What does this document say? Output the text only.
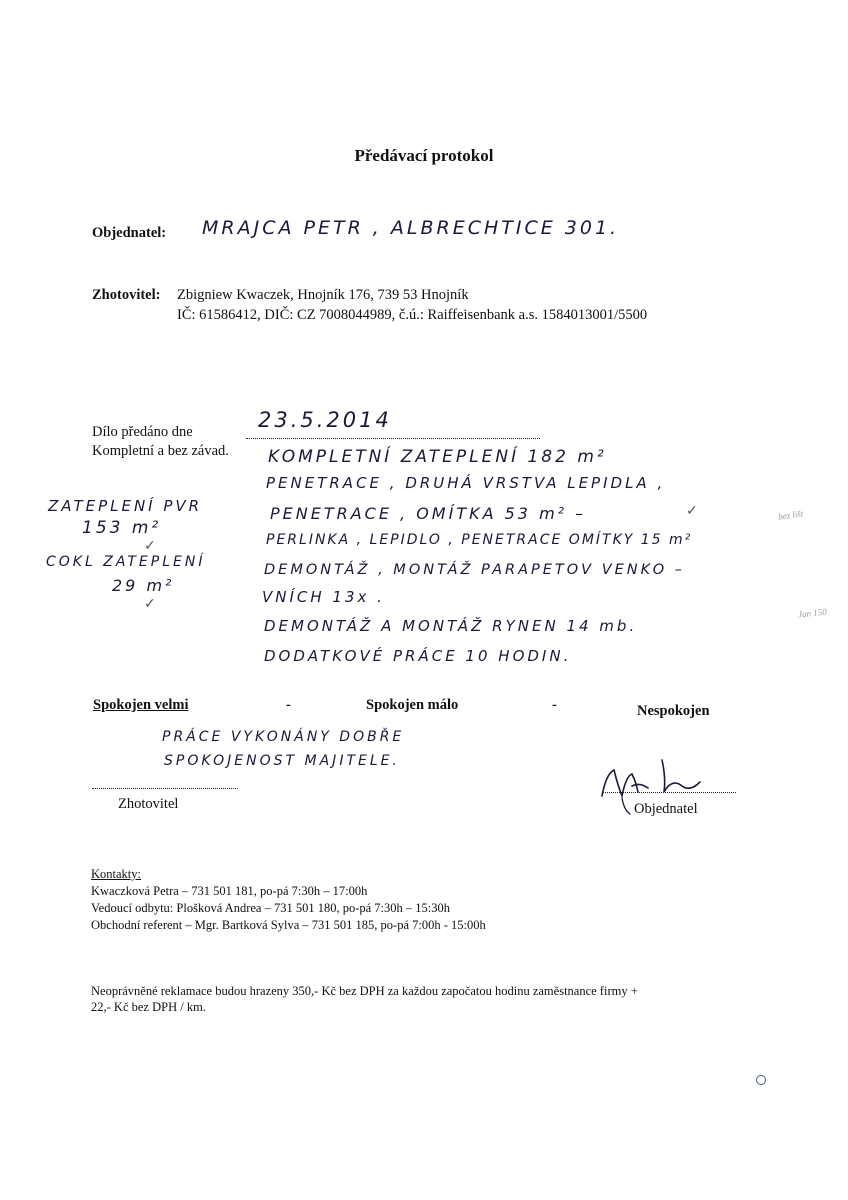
Předávací protokol
Objednatel: MRAJCA PETR , ALBRECHTICE 301.
Zhotovitel: Zbigniew Kwaczek, Hnojník 176, 739 53 Hnojník
IČ: 61586412, DIČ: CZ 7008044989, č.ú.: Raiffeisenbank a.s. 1584013001/5500
Dílo předáno dne	23.5.2014
Kompletní a bez závad. KOMPLETNÍ ZATEPLENÍ 182 m²
PENETRACE , DRUHÁ VRSTVA LEPIDLA ,
PENETRACE , OMÍTKA 53 m² –	✓
PERLINKA , LEPIDLO , PENETRACE OMÍTKY 15 m²
DEMONTÁŽ , MONTÁŽ PARAPETOV VENKO –
VNÍCH 13x .
DEMONTÁŽ A MONTÁŽ RYNEN 14 mb.
DODATKOVÉ PRÁCE 10 HODIN.
bez lišt
Jan 150
ZATEPLENÍ PVR
153 m²
✓
COKL ZATEPLENÍ
29 m²
✓
Spokojen velmi	-	Spokojen málo	-	Nespokojen
PRÁCE VYKONÁNY DOBŘE
SPOKOJENOST MAJITELE.
Zhotovitel	Objednatel
Kontakty:
Kwaczková Petra – 731 501 181, po-pá 7:30h – 17:00h
Vedoucí odbytu: Plošková Andrea – 731 501 180, po-pá 7:30h – 15:30h
Obchodní referent – Mgr. Bartková Sylva – 731 501 185, po-pá 7:00h - 15:00h
Neoprávněné reklamace budou hrazeny 350,- Kč bez DPH za každou započatou hodinu zaměstnance firmy +
22,- Kč bez DPH / km.
